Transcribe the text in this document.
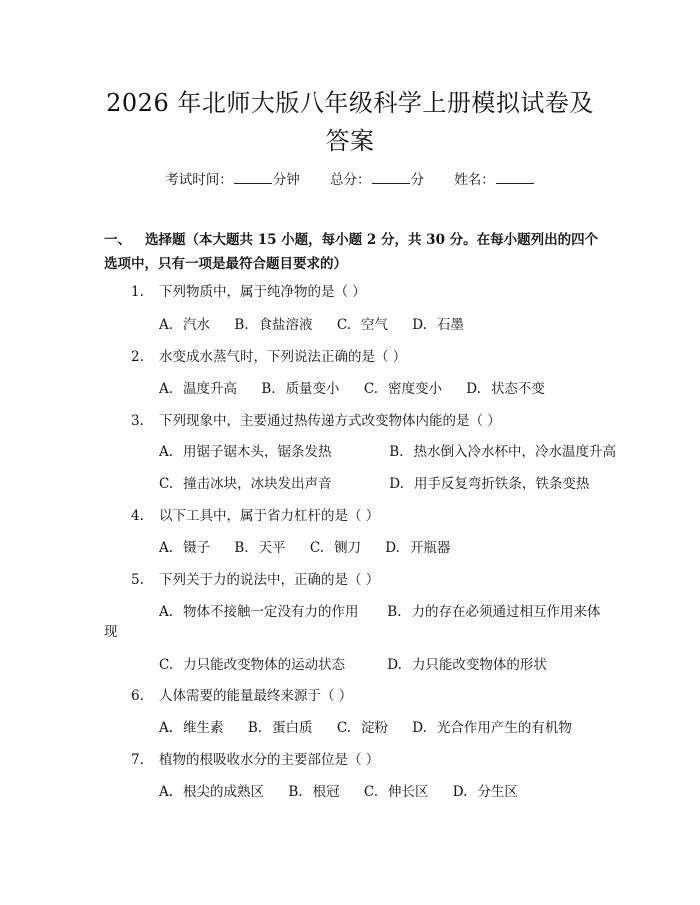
2026 年北师大版八年级科学上册模拟试卷及
答案
考试时间：	分钟 总分：	分 姓名：
一、 选择题（本大题共 15 小题，每小题 2 分，共 30 分。在每小题列出的四个选项中，只有一项是最符合题目要求的）
1. 下列物质中，属于纯净物的是（ ）
A. 汽水 B. 食盐溶液 C. 空气 D. 石墨
2. 水变成水蒸气时，下列说法正确的是（ ）
A. 温度升高 B. 质量变小 C. 密度变小 D. 状态不变
3. 下列现象中，主要通过热传递方式改变物体内能的是（ ）
A. 用锯子锯木头，锯条发热	B. 热水倒入冷水杯中，冷水温度升高
C. 撞击冰块，冰块发出声音	D. 用手反复弯折铁条，铁条变热
4. 以下工具中，属于省力杠杆的是（ ）
A. 镊子 B. 天平 C. 铡刀 D. 开瓶器
5. 下列关于力的说法中，正确的是（ ）
A. 物体不接触一定没有力的作用 B. 力的存在必须通过相互作用来体
现
C. 力只能改变物体的运动状态	D. 力只能改变物体的形状
6. 人体需要的能量最终来源于（ ）
A. 维生素 B. 蛋白质 C. 淀粉 D. 光合作用产生的有机物
7. 植物的根吸收水分的主要部位是（ ）
A. 根尖的成熟区 B. 根冠 C. 伸长区 D. 分生区
